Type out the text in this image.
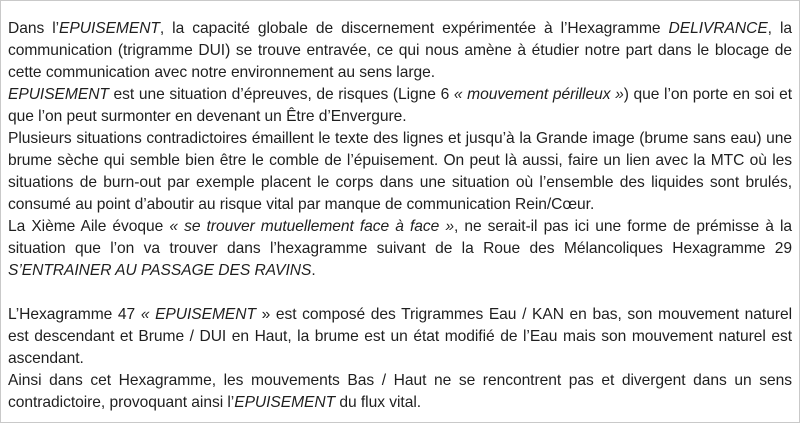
Dans l’EPUISEMENT, la capacité globale de discernement expérimentée à l’Hexagramme DELIVRANCE, la communication (trigramme DUI) se trouve entravée, ce qui nous amène à étudier notre part dans le blocage de cette communication avec notre environnement au sens large.

EPUISEMENT est une situation d’épreuves, de risques (Ligne 6 « mouvement périlleux ») que l’on porte en soi et que l’on peut surmonter en devenant un Être d’Envergure.

Plusieurs situations contradictoires émaillent le texte des lignes et jusqu’à la Grande image (brume sans eau) une brume sèche qui semble bien être le comble de l’épuisement. On peut là aussi, faire un lien avec la MTC où les situations de burn-out par exemple placent le corps dans une situation où l’ensemble des liquides sont brulés, consumé au point d’aboutir au risque vital par manque de communication Rein/Cœur.

La Xième Aile évoque « se trouver mutuellement face à face », ne serait-il pas ici une forme de prémisse à la situation que l’on va trouver dans l’hexagramme suivant de la Roue des Mélancoliques Hexagramme 29 S’ENTRAINER AU PASSAGE DES RAVINS.

L’Hexagramme 47 « EPUISEMENT » est composé des Trigrammes Eau / KAN en bas, son mouvement naturel est descendant et Brume / DUI en Haut, la brume est un état modifié de l’Eau mais son mouvement naturel est ascendant.

Ainsi dans cet Hexagramme, les mouvements Bas / Haut ne se rencontrent pas et divergent dans un sens contradictoire, provoquant ainsi l’EPUISEMENT du flux vital.
